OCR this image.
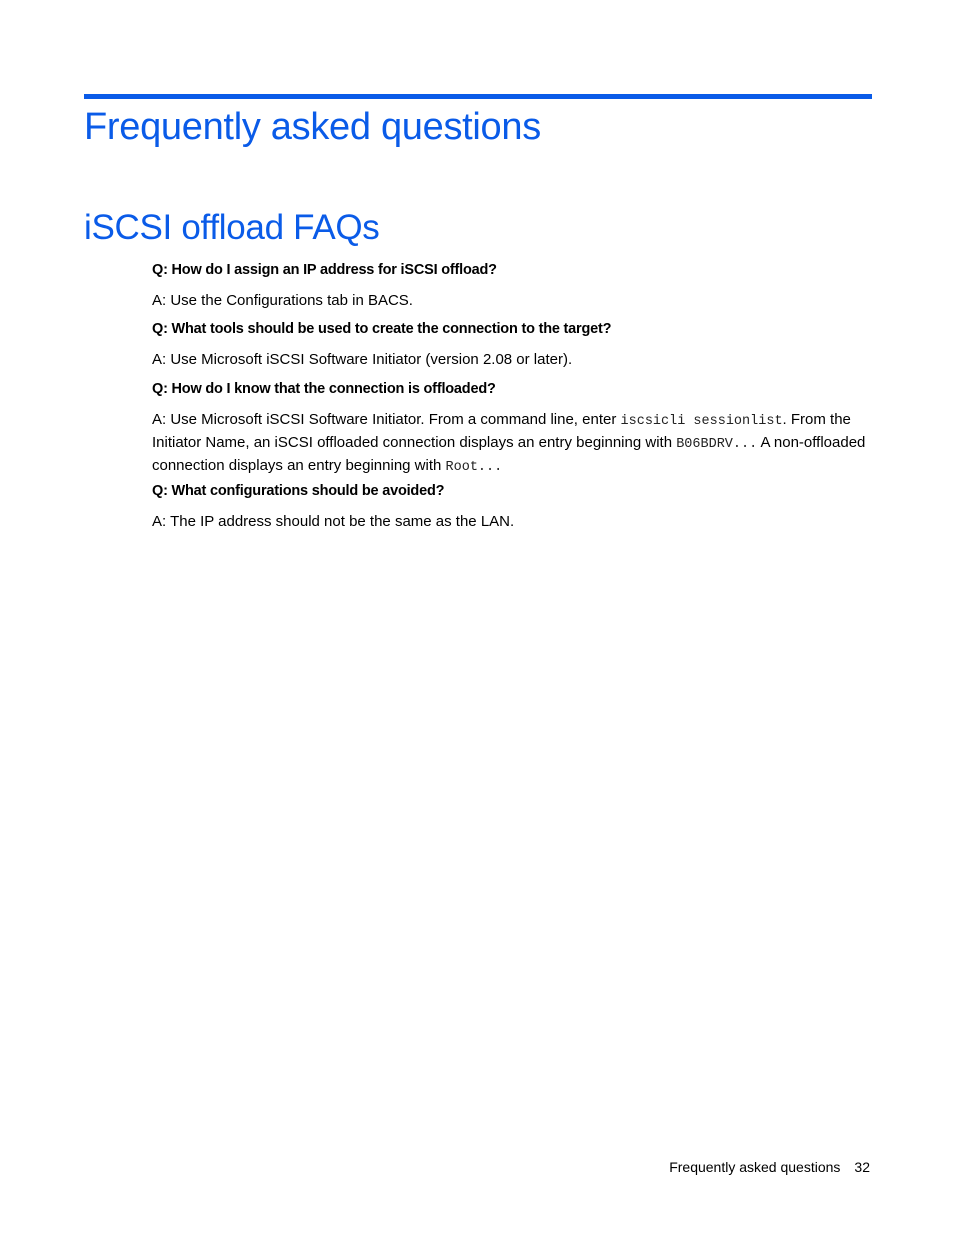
Frequently asked questions
iSCSI offload FAQs

Q: How do I assign an IP address for iSCSI offload?

A: Use the Configurations tab in BACS.

Q: What tools should be used to create the connection to the target?

A: Use Microsoft iSCSI Software Initiator (version 2.08 or later).

Q: How do I know that the connection is offloaded?

A: Use Microsoft iSCSI Software Initiator. From a command line, enter iscsicli sessionlist. From the Initiator Name, an iSCSI offloaded connection displays an entry beginning with B06BDRV... A non-offloaded connection displays an entry beginning with Root...

Q: What configurations should be avoided?

A: The IP address should not be the same as the LAN.

Frequently asked questions 32
